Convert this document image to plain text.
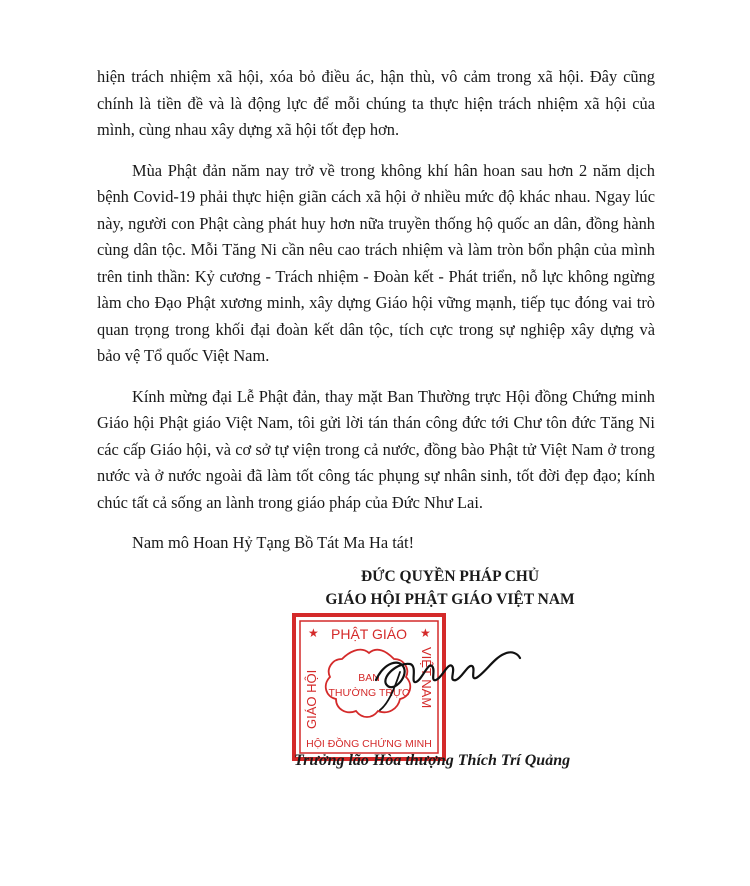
hiện trách nhiệm xã hội, xóa bỏ điều ác, hận thù, vô cảm trong xã hội. Đây cũng chính là tiền đề và là động lực để mỗi chúng ta thực hiện trách nhiệm xã hội của mình, cùng nhau xây dựng xã hội tốt đẹp hơn.

Mùa Phật đản năm nay trở về trong không khí hân hoan sau hơn 2 năm dịch bệnh Covid-19 phải thực hiện giãn cách xã hội ở nhiều mức độ khác nhau. Ngay lúc này, người con Phật càng phát huy hơn nữa truyền thống hộ quốc an dân, đồng hành cùng dân tộc. Mỗi Tăng Ni cần nêu cao trách nhiệm và làm tròn bổn phận của mình trên tinh thần: Kỷ cương - Trách nhiệm - Đoàn kết - Phát triển, nỗ lực không ngừng làm cho Đạo Phật xương minh, xây dựng Giáo hội vững mạnh, tiếp tục đóng vai trò quan trọng trong khối đại đoàn kết dân tộc, tích cực trong sự nghiệp xây dựng và bảo vệ Tổ quốc Việt Nam.

Kính mừng đại Lễ Phật đản, thay mặt Ban Thường trực Hội đồng Chứng minh Giáo hội Phật giáo Việt Nam, tôi gửi lời tán thán công đức tới Chư tôn đức Tăng Ni các cấp Giáo hội, và cơ sở tự viện trong cả nước, đồng bào Phật tử Việt Nam ở trong nước và ở nước ngoài đã làm tốt công tác phụng sự nhân sinh, tốt đời đẹp đạo; kính chúc tất cả sống an lành trong giáo pháp của Đức Như Lai.

Nam mô Hoan Hỷ Tạng Bồ Tát Ma Ha tát!

ĐỨC QUYỀN PHÁP CHỦ
GIÁO HỘI PHẬT GIÁO VIỆT NAM
★	★
PHẬT GIÁO
GIÁO HỘI	VIỆT NAM
BAN
THƯỜNG TRỰC
HỘI ĐỒNG CHỨNG MINH
Trưởng lão Hòa thượng Thích Trí Quảng
